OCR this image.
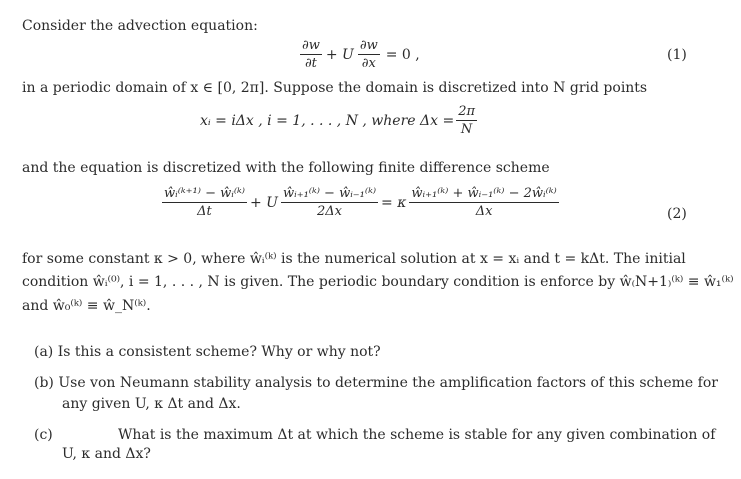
Consider the advection equation:
$\frac{\partial w}{\partial t} + U \frac{\partial w}{\partial x} = 0$ ,	(1)
in a periodic domain of x ∈ [0, 2π]. Suppose the domain is discretized into N grid points
xᵢ = iΔx , i = 1, . . . , N , where $\Delta x = \frac{2\pi}{N}$
and the equation is discretized with the following finite difference scheme
$\frac{\text{ŵᵢ⁽ᵏ⁺¹⁾ − ŵᵢ⁽ᵏ⁾}}{\Delta t} + U \frac{\text{ŵᵢ₊₁⁽ᵏ⁾ − ŵᵢ₋₁⁽ᵏ⁾}}{2\Delta x} = \kappa \frac{\text{ŵᵢ₊₁⁽ᵏ⁾ + ŵᵢ₋₁⁽ᵏ⁾ − 2ŵᵢ⁽ᵏ⁾}}{\Delta x}$	(2)
for some constant κ > 0, where ŵᵢ⁽ᵏ⁾ is the numerical solution at x = xᵢ and t = kΔt. The initial
condition ŵᵢ⁽⁰⁾, i = 1, . . . , N is given. The periodic boundary condition is enforce by ŵ₍N+1₎⁽ᵏ⁾ ≡ ŵ₁⁽ᵏ⁾
and ŵ₀⁽ᵏ⁾ ≡ ŵ_N⁽ᵏ⁾.
(a) Is this a consistent scheme? Why or why not?
(b) Use von Neumann stability analysis to determine the amplification factors of this scheme for
any given U, κ Δt and Δx.
(c)	What is the maximum Δt at which the scheme is stable for any given combination of
U, κ and Δx?
